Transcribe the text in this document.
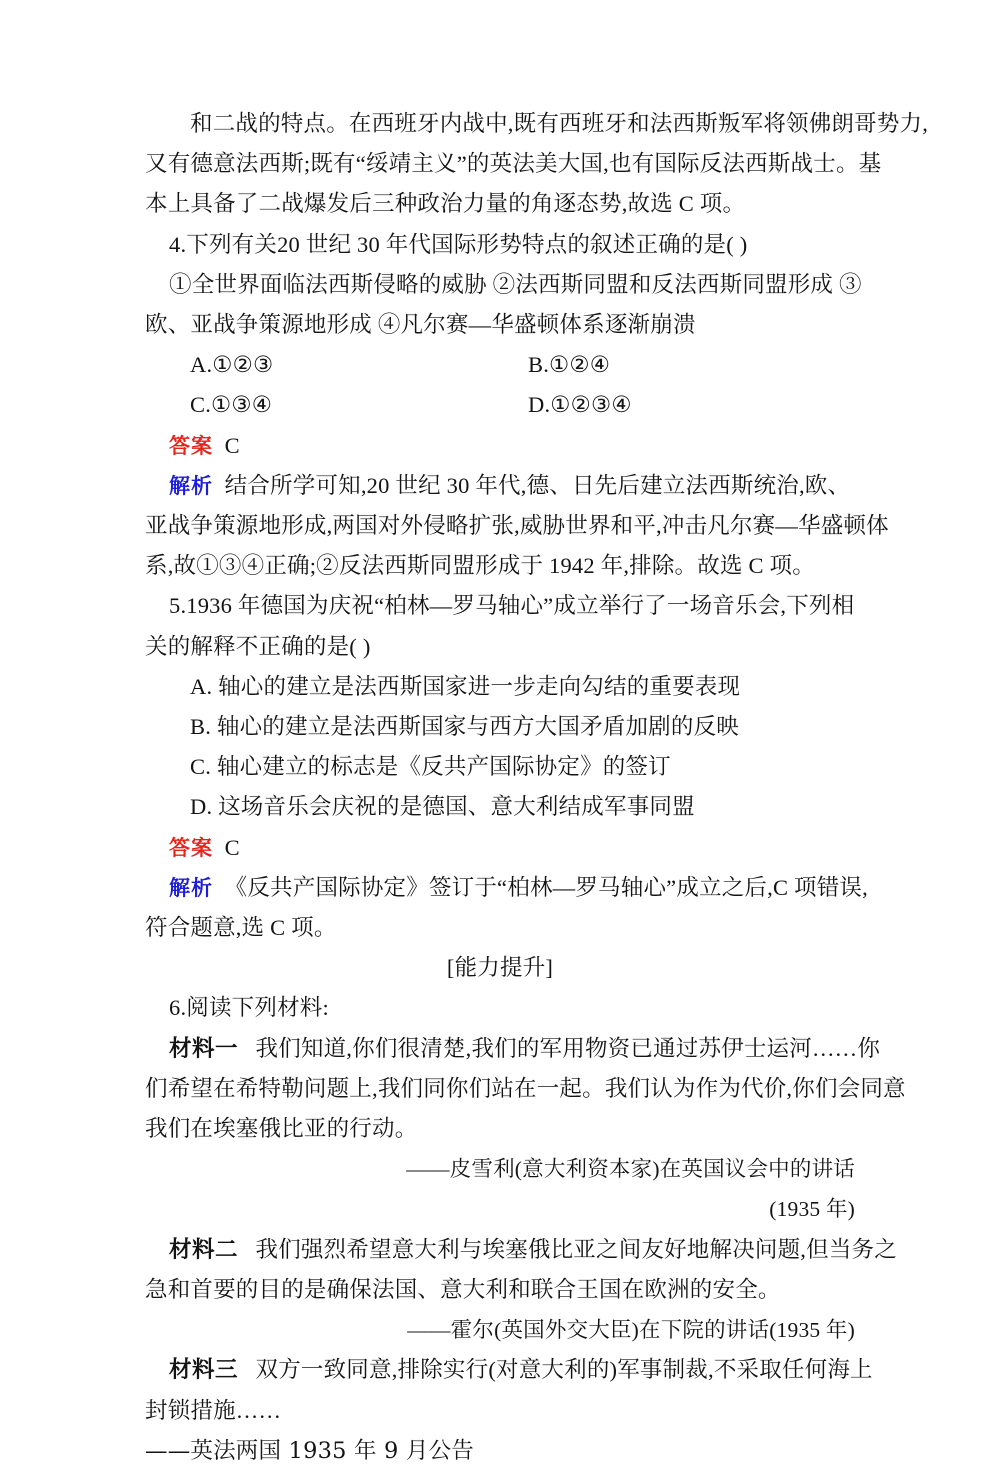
和二战的特点。在西班牙内战中,既有西班牙和法西斯叛军将领佛朗哥势力,
又有德意法西斯;既有“绥靖主义”的英法美大国,也有国际反法西斯战士。基
本上具备了二战爆发后三种政治力量的角逐态势,故选 C 项。
4.下列有关20 世纪 30 年代国际形势特点的叙述正确的是( )
①全世界面临法西斯侵略的威胁 ②法西斯同盟和反法西斯同盟形成 ③
欧、亚战争策源地形成 ④凡尔赛—华盛顿体系逐渐崩溃
A.①②③	B.①②④
C.①③④	D.①②③④
答案 C
解析 结合所学可知,20 世纪 30 年代,德、日先后建立法西斯统治,欧、
亚战争策源地形成,两国对外侵略扩张,威胁世界和平,冲击凡尔赛—华盛顿体
系,故①③④正确;②反法西斯同盟形成于 1942 年,排除。故选 C 项。
5.1936 年德国为庆祝“柏林—罗马轴心”成立举行了一场音乐会,下列相
关的解释不正确的是( )
A. 轴心的建立是法西斯国家进一步走向勾结的重要表现
B. 轴心的建立是法西斯国家与西方大国矛盾加剧的反映
C. 轴心建立的标志是《反共产国际协定》的签订
D. 这场音乐会庆祝的是德国、意大利结成军事同盟
答案 C
解析 《反共产国际协定》签订于“柏林—罗马轴心”成立之后,C 项错误,
符合题意,选 C 项。
[能力提升]
6.阅读下列材料:
材料一 我们知道,你们很清楚,我们的军用物资已通过苏伊士运河……你
们希望在希特勒问题上,我们同你们站在一起。我们认为作为代价,你们会同意
我们在埃塞俄比亚的行动。
——皮雪利(意大利资本家)在英国议会中的讲话
(1935 年)
材料二 我们强烈希望意大利与埃塞俄比亚之间友好地解决问题,但当务之
急和首要的目的是确保法国、意大利和联合王国在欧洲的安全。
——霍尔(英国外交大臣)在下院的讲话(1935 年)
材料三 双方一致同意,排除实行(对意大利的)军事制裁,不采取任何海上
封锁措施……
——英法两国 1935 年 9 月公告
